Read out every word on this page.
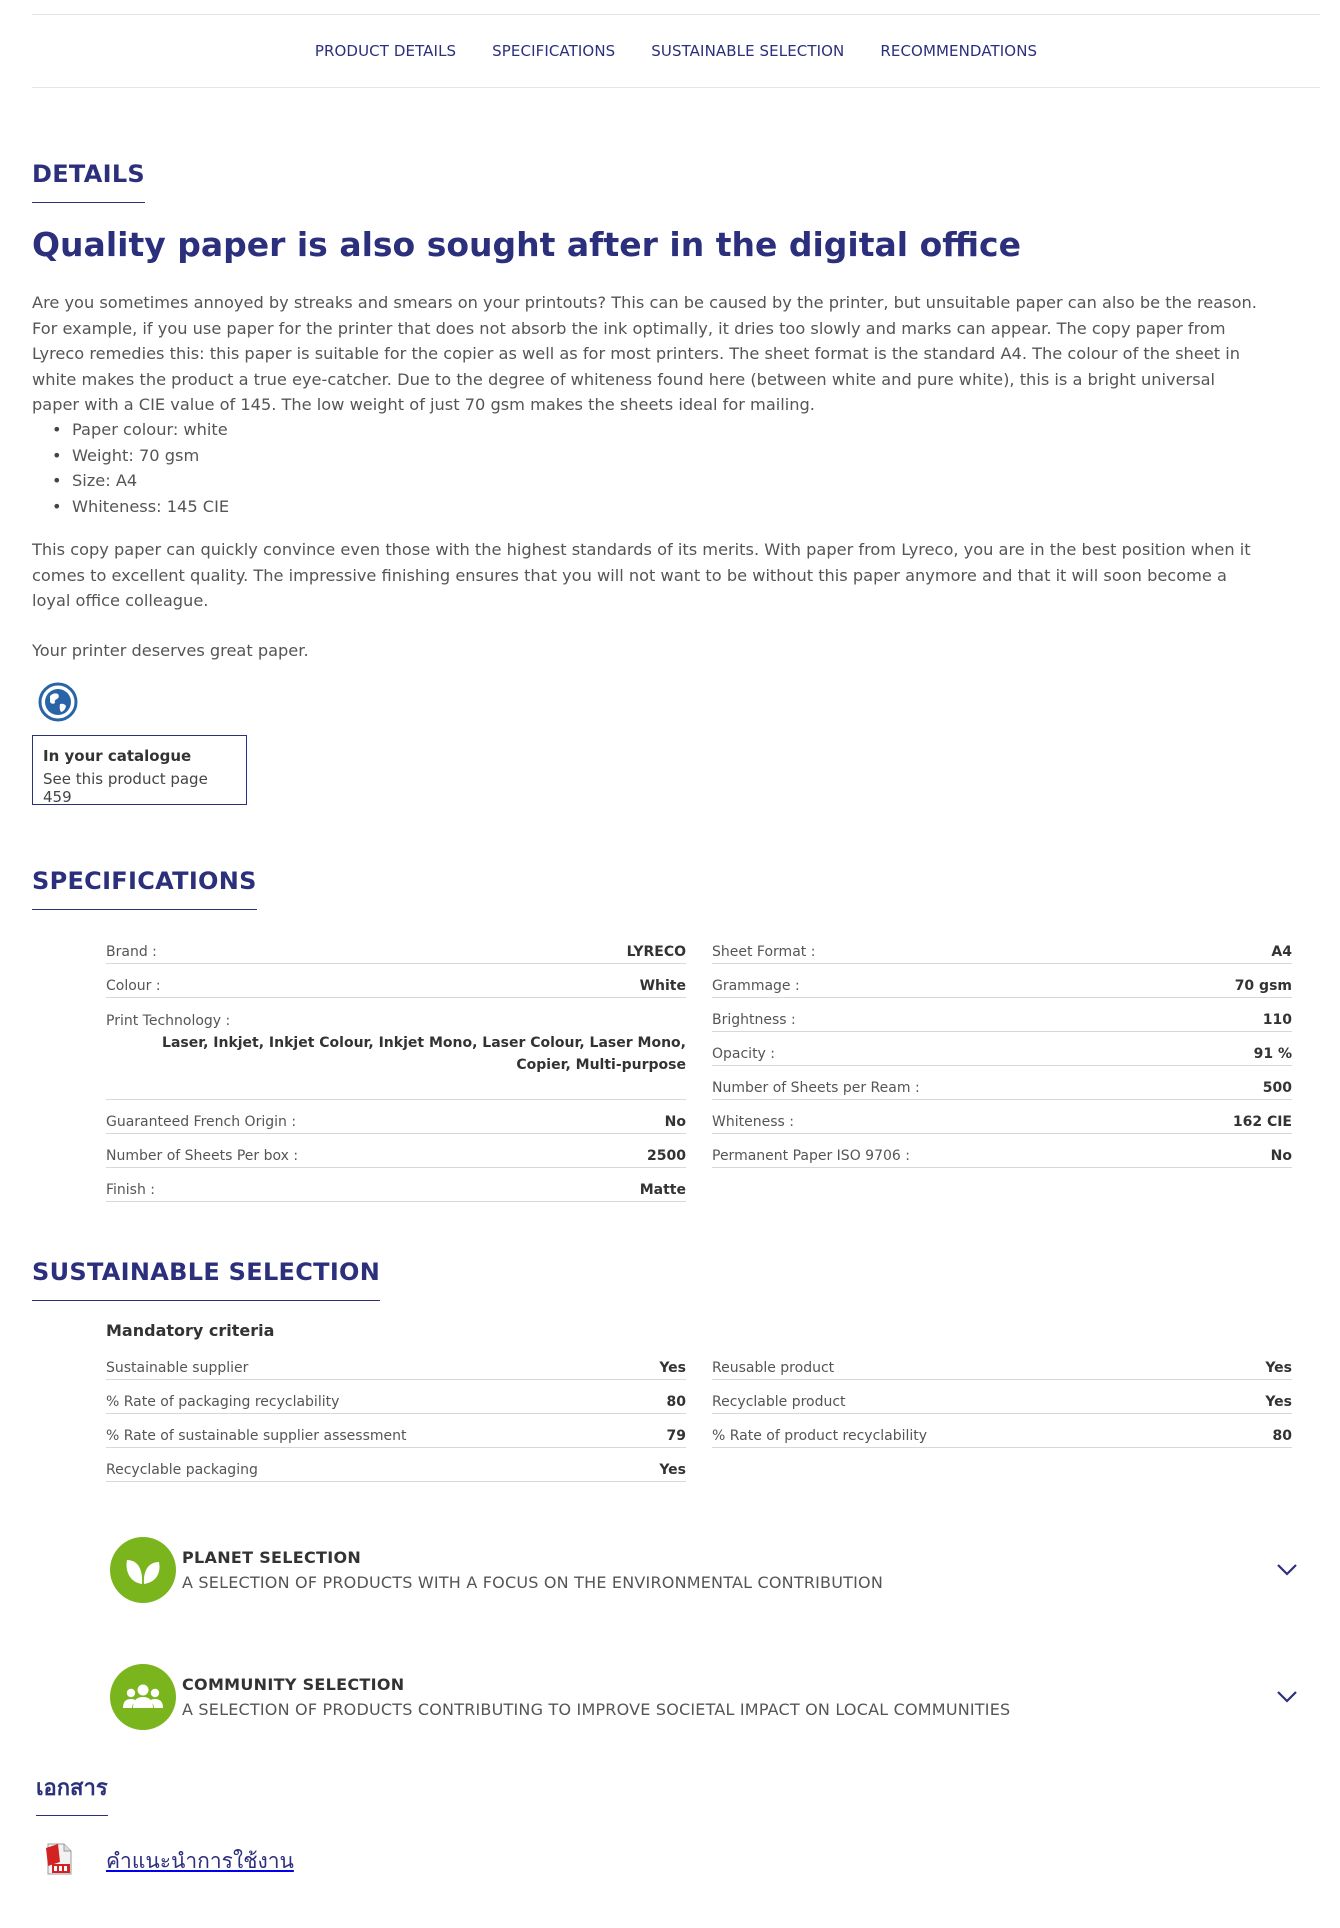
PRODUCT DETAILS SPECIFICATIONS SUSTAINABLE SELECTION RECOMMENDATIONS
DETAILS
Quality paper is also sought after in the digital office

Are you sometimes annoyed by streaks and smears on your printouts? This can be caused by the printer, but unsuitable paper can also be the reason. For example, if you use paper for the printer that does not absorb the ink optimally, it dries too slowly and marks can appear. The copy paper from Lyreco remedies this: this paper is suitable for the copier as well as for most printers. The sheet format is the standard A4. The colour of the sheet in white makes the product a true eye-catcher. Due to the degree of whiteness found here (between white and pure white), this is a bright universal paper with a CIE value of 145. The low weight of just 70 gsm makes the sheets ideal for mailing.

• Paper colour: white
• Weight: 70 gsm
• Size: A4
• Whiteness: 145 CIE

This copy paper can quickly convince even those with the highest standards of its merits. With paper from Lyreco, you are in the best position when it comes to excellent quality. The impressive finishing ensures that you will not want to be without this paper anymore and that it will soon become a loyal office colleague.

Your printer deserves great paper.

In your catalogue
See this product page 459
SPECIFICATIONS
Brand :	LYRECO
Colour :	White
Print Technology :
Laser, Inkjet, Inkjet Colour, Inkjet Mono, Laser Colour, Laser Mono, Copier, Multi-purpose
Guaranteed French Origin :	No
Number of Sheets Per box :	2500
Finish :	Matte
Sheet Format :	A4
Grammage :	70 gsm
Brightness :	110
Opacity :	91 %
Number of Sheets per Ream :	500
Whiteness :	162 CIE
Permanent Paper ISO 9706 :	No
SUSTAINABLE SELECTION
Mandatory criteria
Sustainable supplier	Yes
% Rate of packaging recyclability	80
% Rate of sustainable supplier assessment	79
Recyclable packaging	Yes
Reusable product	Yes
Recyclable product	Yes
% Rate of product recyclability	80
PLANET SELECTION
A SELECTION OF PRODUCTS WITH A FOCUS ON THE ENVIRONMENTAL CONTRIBUTION
COMMUNITY SELECTION
A SELECTION OF PRODUCTS CONTRIBUTING TO IMPROVE SOCIETAL IMPACT ON LOCAL COMMUNITIES
เอกสาร
คำแนะนำการใช้งาน
